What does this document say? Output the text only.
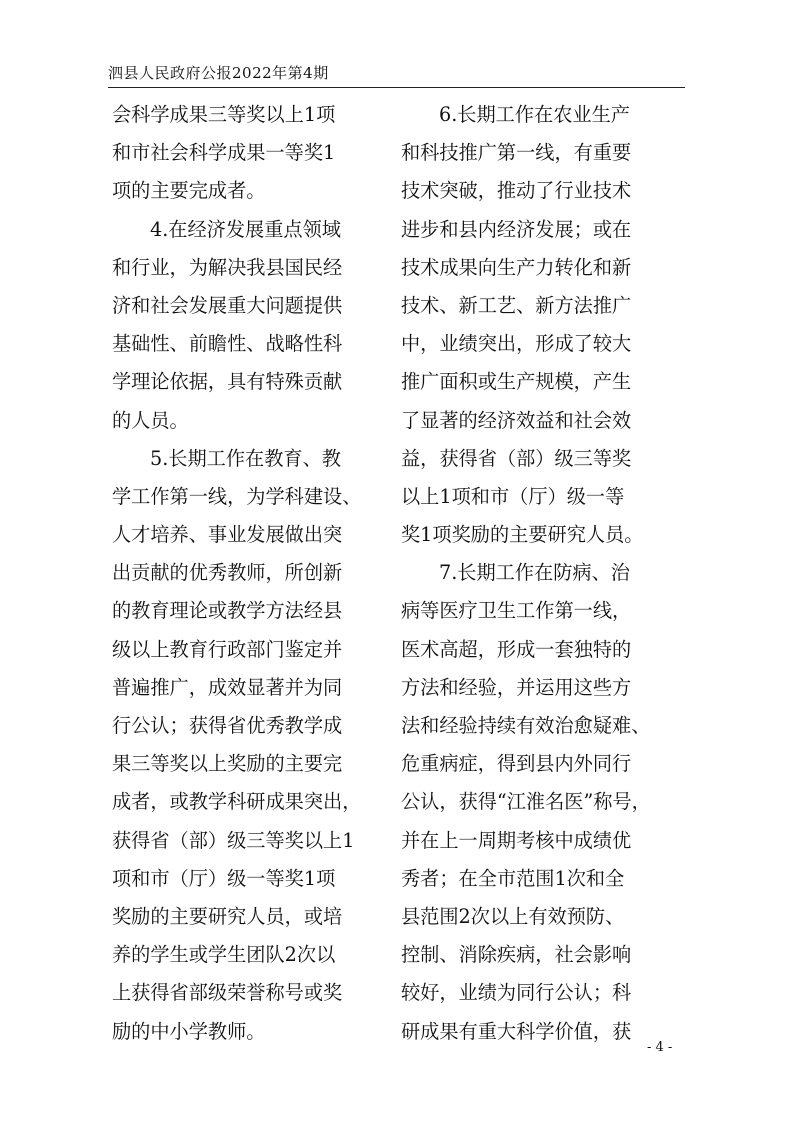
泗县人民政府公报2022年第4期
会科学成果三等奖以上1项
和市社会科学成果一等奖1
项的主要完成者。
4.在经济发展重点领域
和行业，为解决我县国民经
济和社会发展重大问题提供
基础性、前瞻性、战略性科
学理论依据，具有特殊贡献
的人员。
5.长期工作在教育、教
学工作第一线，为学科建设、
人才培养、事业发展做出突
出贡献的优秀教师，所创新
的教育理论或教学方法经县
级以上教育行政部门鉴定并
普遍推广，成效显著并为同
行公认；获得省优秀教学成
果三等奖以上奖励的主要完
成者，或教学科研成果突出，
获得省（部）级三等奖以上1
项和市（厅）级一等奖1项
奖励的主要研究人员，或培
养的学生或学生团队2次以
上获得省部级荣誉称号或奖
励的中小学教师。
6.长期工作在农业生产
和科技推广第一线，有重要
技术突破，推动了行业技术
进步和县内经济发展；或在
技术成果向生产力转化和新
技术、新工艺、新方法推广
中，业绩突出，形成了较大
推广面积或生产规模，产生
了显著的经济效益和社会效
益，获得省（部）级三等奖
以上1项和市（厅）级一等
奖1项奖励的主要研究人员。
7.长期工作在防病、治
病等医疗卫生工作第一线，
医术高超，形成一套独特的
方法和经验，并运用这些方
法和经验持续有效治愈疑难、
危重病症，得到县内外同行
公认，获得“江淮名医”称号，
并在上一周期考核中成绩优
秀者；在全市范围1次和全
县范围2次以上有效预防、
控制、消除疾病，社会影响
较好，业绩为同行公认；科
研成果有重大科学价值，获
- 4 -
